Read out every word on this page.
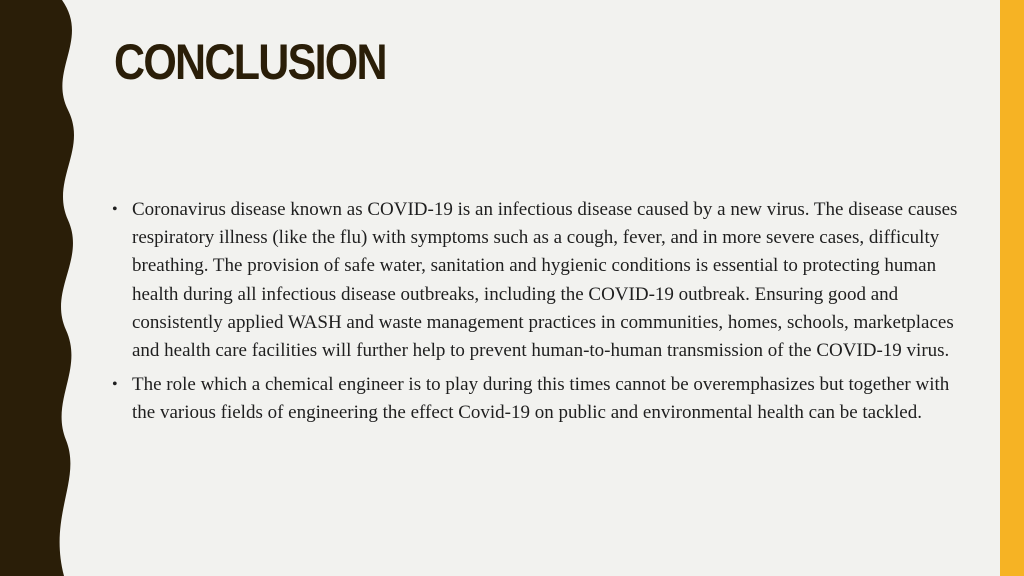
CONCLUSION
• Coronavirus disease known as COVID-19 is an infectious disease caused by a new virus. The disease causes respiratory illness (like the flu) with symptoms such as a cough, fever, and in more severe cases, difficulty breathing. The provision of safe water, sanitation and hygienic conditions is essential to protecting human health during all infectious disease outbreaks, including the COVID-19 outbreak. Ensuring good and consistently applied WASH and waste management practices in communities, homes, schools, marketplaces and health care facilities will further help to prevent human-to-human transmission of the COVID-19 virus.
• The role which a chemical engineer is to play during this times cannot be overemphasizes but together with the various fields of engineering the effect Covid-19 on public and environmental health can be tackled.
